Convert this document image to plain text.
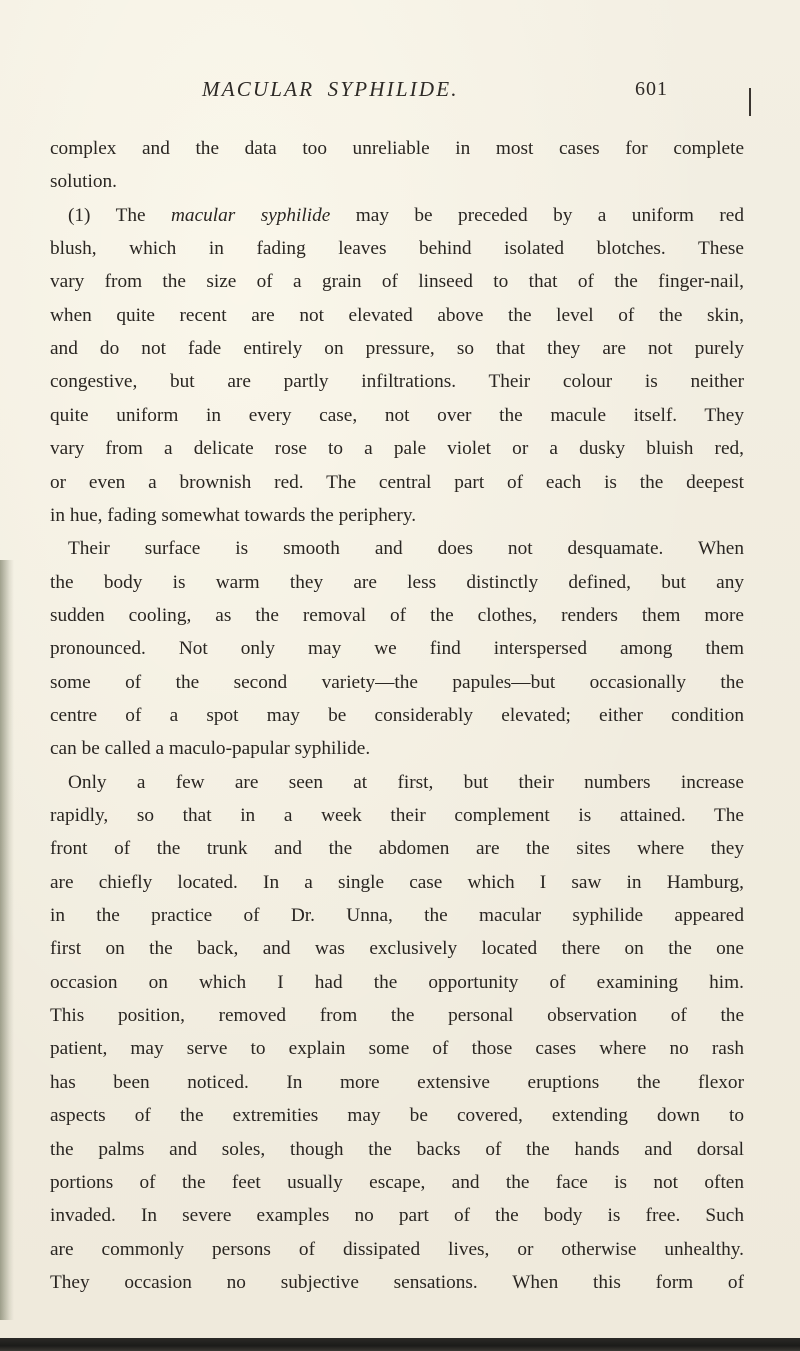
MACULAR SYPHILIDE.	601
complex and the data too unreliable in most cases for complete
solution.
(1) The macular syphilide may be preceded by a uniform red
blush, which in fading leaves behind isolated blotches. These
vary from the size of a grain of linseed to that of the finger-nail,
when quite recent are not elevated above the level of the skin,
and do not fade entirely on pressure, so that they are not purely
congestive, but are partly infiltrations. Their colour is neither
quite uniform in every case, not over the macule itself. They
vary from a delicate rose to a pale violet or a dusky bluish red,
or even a brownish red. The central part of each is the deepest
in hue, fading somewhat towards the periphery.
Their surface is smooth and does not desquamate. When
the body is warm they are less distinctly defined, but any
sudden cooling, as the removal of the clothes, renders them more
pronounced. Not only may we find interspersed among them
some of the second variety—the papules—but occasionally the
centre of a spot may be considerably elevated; either condition
can be called a maculo-papular syphilide.
Only a few are seen at first, but their numbers increase
rapidly, so that in a week their complement is attained. The
front of the trunk and the abdomen are the sites where they
are chiefly located. In a single case which I saw in Hamburg,
in the practice of Dr. Unna, the macular syphilide appeared
first on the back, and was exclusively located there on the one
occasion on which I had the opportunity of examining him.
This position, removed from the personal observation of the
patient, may serve to explain some of those cases where no rash
has been noticed. In more extensive eruptions the flexor
aspects of the extremities may be covered, extending down to
the palms and soles, though the backs of the hands and dorsal
portions of the feet usually escape, and the face is not often
invaded. In severe examples no part of the body is free. Such
are commonly persons of dissipated lives, or otherwise unhealthy.
They occasion no subjective sensations. When this form of
